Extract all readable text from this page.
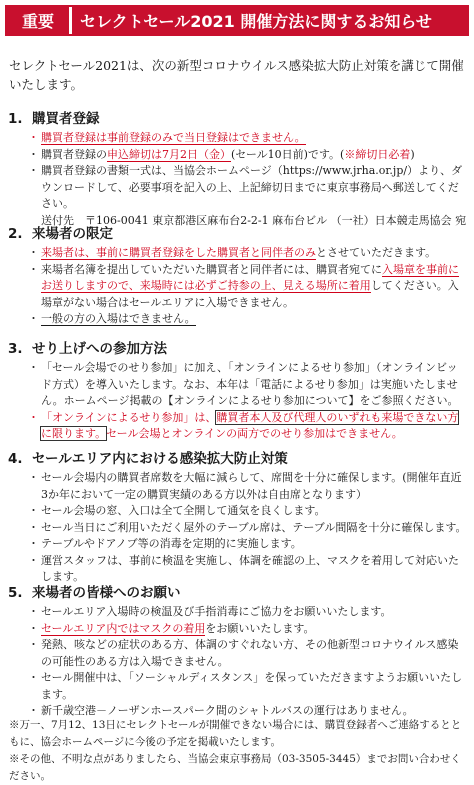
重要	セレクトセール2021 開催方法に関するお知らせ

セレクトセール2021は、次の新型コロナウイルス感染拡大防止対策を講じて開催いたします。

1. 購買者登録
・ 購買者登録は事前登録のみで当日登録はできません。
・ 購買者登録の申込締切は7月2日（金）(セール10日前)です。(※締切日必着)
・ 購買者登録の書類一式は、当協会ホームページ（https://www.jrha.or.jp/）より、ダウンロードして、必要事項を記入の上、上記締切日までに東京事務局へ郵送してください。
送付先　〒106-0041 東京都港区麻布台2-2-1 麻布台ビル （一社）日本競走馬協会 宛
2. 来場者の限定
・ 来場者は、事前に購買者登録をした購買者と同伴者のみとさせていただきます。
・ 来場者名簿を提出していただいた購買者と同伴者には、購買者宛てに入場章を事前にお送りしますので、来場時には必ずご持参の上、見える場所に着用してください。入場章がない場合はセールエリアに入場できません。
・ 一般の方の入場はできません。
3. せり上げへの参加方法
・ 「セール会場でのせり参加」に加え、「オンラインによるせり参加」（オンラインビッド方式）を導入いたします。なお、本年は「電話によるせり参加」は実施いたしません。ホームページ掲載の【オンラインによるせり参加について】をご参照ください。
・ 「オンラインによるせり参加」は、購買者本人及び代理人のいずれも来場できない方に限ります。セール会場とオンラインの両方でのせり参加はできません。
4. セールエリア内における感染拡大防止対策
・ セール会場内の購買者席数を大幅に減らして、席間を十分に確保します。(開催年直近3か年において一定の購買実績のある方以外は自由席となります）
・ セール会場の窓、入口は全て全開して通気を良くします。
・ セール当日にご利用いただく屋外のテーブル席は、テーブル間隔を十分に確保します。
・ テーブルやドアノブ等の消毒を定期的に実施します。
・ 運営スタッフは、事前に検温を実施し、体調を確認の上、マスクを着用して対応いたします。
5. 来場者の皆様へのお願い
・ セールエリア入場時の検温及び手指消毒にご協力をお願いいたします。
・ セールエリア内ではマスクの着用をお願いいたします。
・ 発熱、咳などの症状のある方、体調のすぐれない方、その他新型コロナウイルス感染の可能性のある方は入場できません。
・ セール開催中は、「ソーシャルディスタンス」を保っていただきますようお願いいたします。
・ 新千歳空港－ノーザンホースパーク間のシャトルバスの運行はありません。

※万一、7月12、13日にセレクトセールが開催できない場合には、購買登録者へご連絡するとともに、協会ホームページに今後の予定を掲載いたします。

※その他、不明な点がありましたら、当協会東京事務局（03-3505-3445）までお問い合わせください。
